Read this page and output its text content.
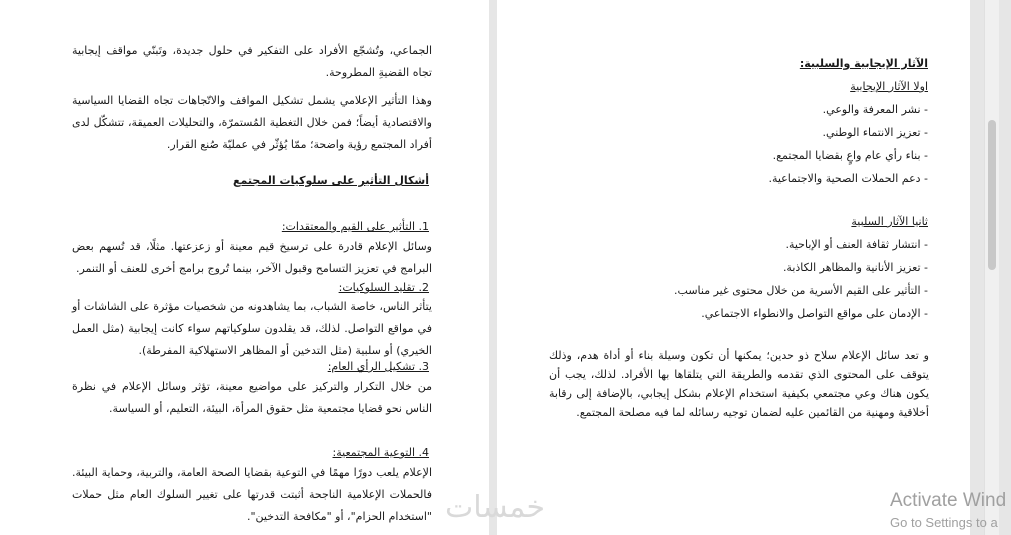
الجماعي، وتُشجّع الأفراد على التفكير في حلول جديدة، وتَبنّي مواقف إيجابية تجاه القضيةِ المطروحة.
وهذا التأثير الإعلامي يشمل تشكيل المواقف والاتّجاهات تجاه القضايا السياسية والاقتصادية أيضاً؛ فمن خلال التغطية المُستمرّة، والتحليلات العميقة، تتشكّل لدى أفراد المجتمع رؤية واضحة؛ ممّا يُؤثّر في عمليّة صُنع القرار.
أشكال التأثير على سلوكيات المجتمع
1. التأثير على القيم والمعتقدات:
وسائل الإعلام قادرة على ترسيخ قيم معينة أو زعزعتها. مثلًا، قد تُسهم بعض البرامج في تعزيز التسامح وقبول الآخر، بينما تُروج برامج أخرى للعنف أو التنمر.
2. تقليد السلوكيات:
يتأثر الناس، خاصة الشباب، بما يشاهدونه من شخصيات مؤثرة على الشاشات أو في مواقع التواصل. لذلك، قد يقلدون سلوكياتهم سواء كانت إيجابية (مثل العمل الخيري) أو سلبية (مثل التدخين أو المظاهر الاستهلاكية المفرطة).
3. تشكيل الرأي العام:
من خلال التكرار والتركيز على مواضيع معينة، تؤثر وسائل الإعلام في نظرة الناس نحو قضايا مجتمعية مثل حقوق المرأة، البيئة، التعليم، أو السياسة.
4. التوعية المجتمعية:
الإعلام يلعب دورًا مهمًا في التوعية بقضايا الصحة العامة، والتربية، وحماية البيئة. فالحملات الإعلامية الناجحة أثبتت قدرتها على تغيير السلوك العام مثل حملات "استخدام الحزام"، أو "مكافحة التدخين".
الآثار الإيجابية والسلبية:
اولا الآثار الإيجابية
- نشر المعرفة والوعي.
- تعزيز الانتماء الوطني.
- بناء رأي عام واعٍ بقضايا المجتمع.
- دعم الحملات الصحية والاجتماعية.
ثانيا الآثار السلبية
- انتشار ثقافة العنف أو الإباحية.
- تعزيز الأنانية والمظاهر الكاذبة.
- التأثير على القيم الأسرية من خلال محتوى غير مناسب.
- الإدمان على مواقع التواصل والانطواء الاجتماعي.
و تعد سائل الإعلام سلاح ذو حدين؛ يمكنها أن تكون وسيلة بناء أو أداة هدم، وذلك يتوقف على المحتوى الذي تقدمه والطريقة التي يتلقاها بها الأفراد. لذلك، يجب أن يكون هناك وعي مجتمعي بكيفية استخدام الإعلام بشكل إيجابي، بالإضافة إلى رقابة أخلاقية ومهنية من القائمين عليه لضمان توجيه رسائله لما فيه مصلحة المجتمع.
خمسات	Activate Wind
Go to Settings to a
